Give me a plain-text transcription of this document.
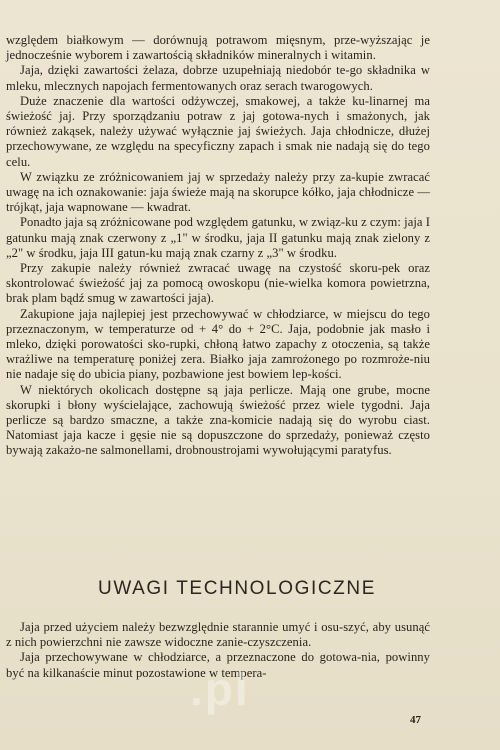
względem białkowym — dorównują potrawom mięsnym, prze-wyższając je jednocześnie wyborem i zawartością składników mineralnych i witamin.

Jaja, dzięki zawartości żelaza, dobrze uzupełniają niedobór te-go składnika w mleku, mlecznych napojach fermentowanych oraz serach twarogowych.

Duże znaczenie dla wartości odżywczej, smakowej, a także ku-linarnej ma świeżość jaj. Przy sporządzaniu potraw z jaj gotowa-nych i smażonych, jak również zakąsek, należy używać wyłącznie jaj świeżych. Jaja chłodnicze, dłużej przechowywane, ze względu na specyficzny zapach i smak nie nadają się do tego celu.

W związku ze zróżnicowaniem jaj w sprzedaży należy przy za-kupie zwracać uwagę na ich oznakowanie: jaja świeże mają na skorupce kółko, jaja chłodnicze — trójkąt, jaja wapnowane — kwadrat.

Ponadto jaja są zróżnicowane pod względem gatunku, w związ-ku z czym: jaja I gatunku mają znak czerwony z „1" w środku, jaja II gatunku mają znak zielony z „2" w środku, jaja III gatun-ku mają znak czarny z „3" w środku.

Przy zakupie należy również zwracać uwagę na czystość skoru-pek oraz skontrolować świeżość jaj za pomocą owoskopu (nie-wielka komora powietrzna, brak plam bądź smug w zawartości jaja).

Zakupione jaja najlepiej jest przechowywać w chłodziarce, w miejscu do tego przeznaczonym, w temperaturze od + 4° do + 2°C. Jaja, podobnie jak masło i mleko, dzięki porowatości sko-rupki, chłoną łatwo zapachy z otoczenia, są także wrażliwe na temperaturę poniżej zera. Białko jaja zamrożonego po rozmroże-niu nie nadaje się do ubicia piany, pozbawione jest bowiem lep-kości.

W niektórych okolicach dostępne są jaja perlicze. Mają one grube, mocne skorupki i błony wyścielające, zachowują świeżość przez wiele tygodni. Jaja perlicze są bardzo smaczne, a także zna-komicie nadają się do wyrobu ciast. Natomiast jaja kacze i gęsie nie są dopuszczone do sprzedaży, ponieważ często bywają zakażo-ne salmonellami, drobnoustrojami wywołującymi paratyfus.

UWAGI TECHNOLOGICZNE

Jaja przed użyciem należy bezwzględnie starannie umyć i osu-szyć, aby usunąć z nich powierzchni nie zawsze widoczne zanie-czyszczenia.

Jaja przechowywane w chłodziarce, a przeznaczone do gotowa-nia, powinny być na kilkanaście minut pozostawione w tempera-

.pl
47
